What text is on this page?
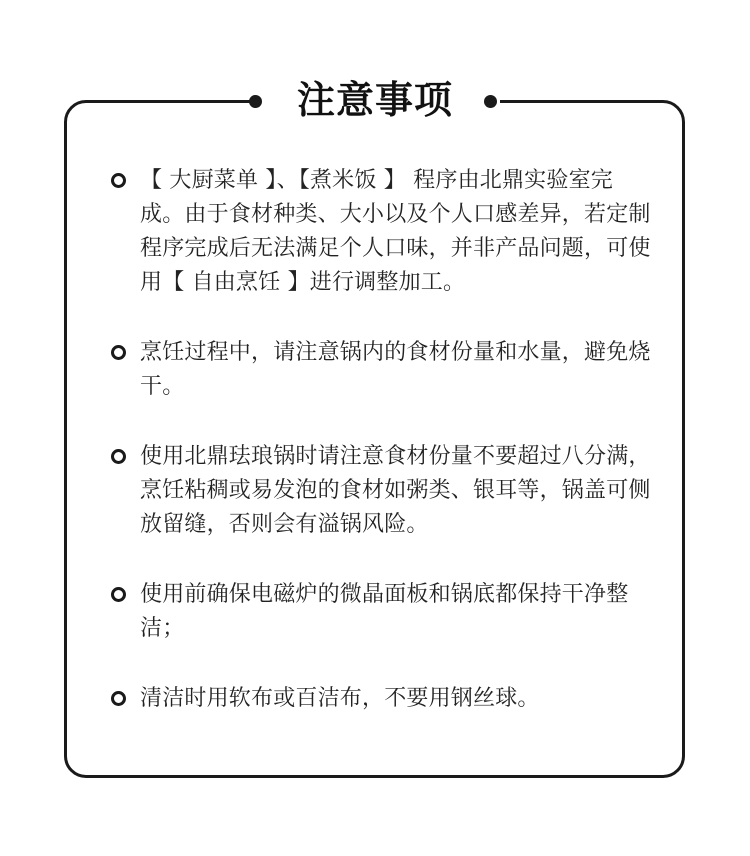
注意事项
【 大厨菜单 】、【煮米饭 】 程序由北鼎实验室完成。由于食材种类、大小以及个人口感差异，若定制程序完成后无法满足个人口味，并非产品问题，可使用【 自由烹饪 】进行调整加工。
烹饪过程中，请注意锅内的食材份量和水量，避免烧干。
使用北鼎珐琅锅时请注意食材份量不要超过八分满，烹饪粘稠或易发泡的食材如粥类、银耳等，锅盖可侧放留缝，否则会有溢锅风险。
使用前确保电磁炉的微晶面板和锅底都保持干净整洁；
清洁时用软布或百洁布，不要用钢丝球。
